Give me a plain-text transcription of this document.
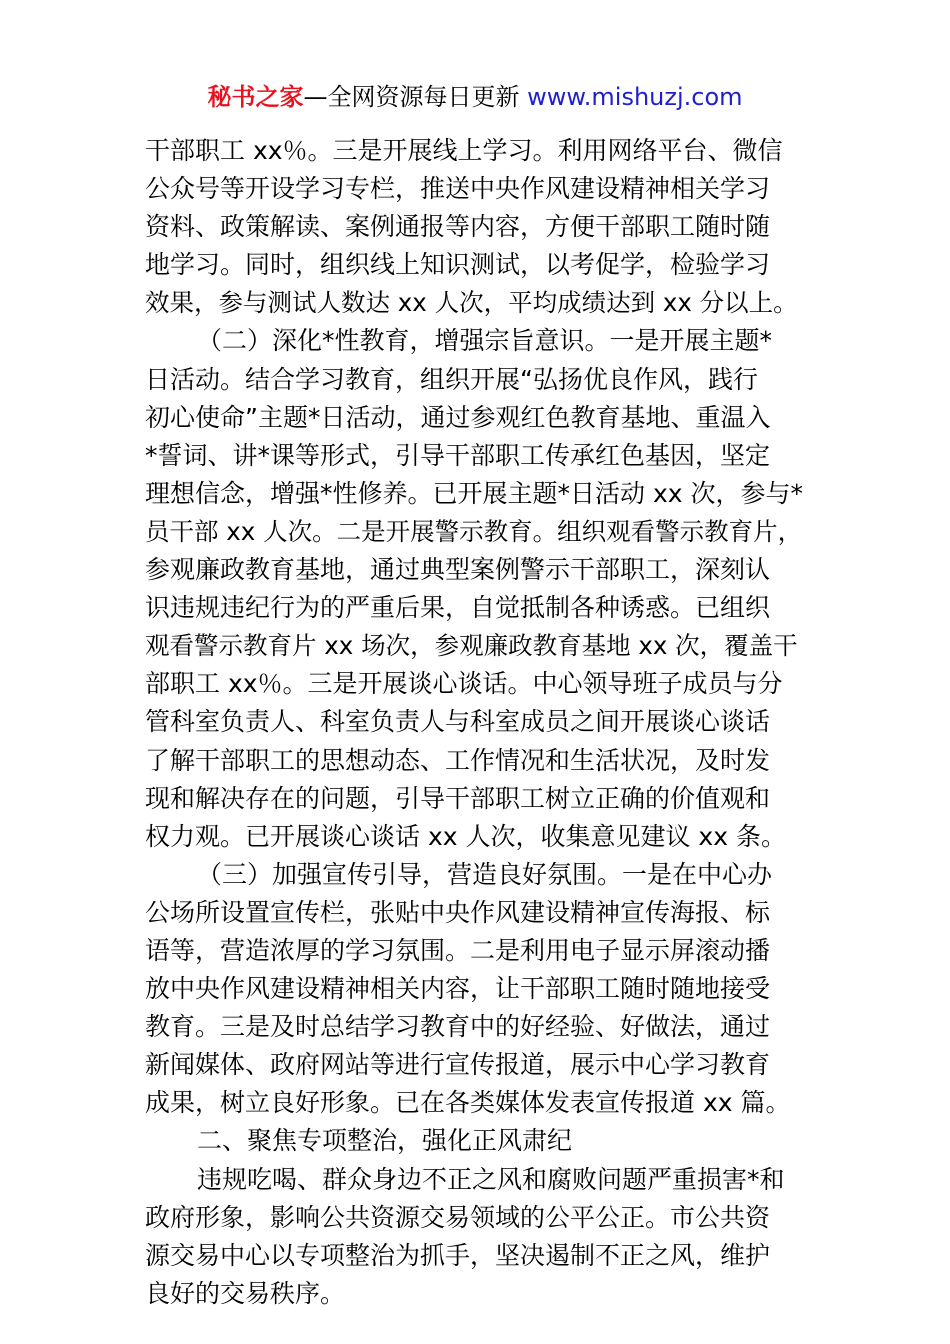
秘书之家—全网资源每日更新 www.mishuzj.com
干部职工 xx％。三是开展线上学习。利用网络平台、微信
公众号等开设学习专栏，推送中央作风建设精神相关学习
资料、政策解读、案例通报等内容，方便干部职工随时随
地学习。同时，组织线上知识测试，以考促学，检验学习
效果，参与测试人数达 xx 人次，平均成绩达到 xx 分以上。
（二）深化*性教育，增强宗旨意识。一是开展主题*
日活动。结合学习教育，组织开展“弘扬优良作风，践行
初心使命”主题*日活动，通过参观红色教育基地、重温入
*誓词、讲*课等形式，引导干部职工传承红色基因，坚定
理想信念，增强*性修养。已开展主题*日活动 xx 次，参与*
员干部 xx 人次。二是开展警示教育。组织观看警示教育片，
参观廉政教育基地，通过典型案例警示干部职工，深刻认
识违规违纪行为的严重后果，自觉抵制各种诱惑。已组织
观看警示教育片 xx 场次，参观廉政教育基地 xx 次，覆盖干
部职工 xx％。三是开展谈心谈话。中心领导班子成员与分
管科室负责人、科室负责人与科室成员之间开展谈心谈话
了解干部职工的思想动态、工作情况和生活状况，及时发
现和解决存在的问题，引导干部职工树立正确的价值观和
权力观。已开展谈心谈话 xx 人次，收集意见建议 xx 条。
（三）加强宣传引导，营造良好氛围。一是在中心办
公场所设置宣传栏，张贴中央作风建设精神宣传海报、标
语等，营造浓厚的学习氛围。二是利用电子显示屏滚动播
放中央作风建设精神相关内容，让干部职工随时随地接受
教育。三是及时总结学习教育中的好经验、好做法，通过
新闻媒体、政府网站等进行宣传报道，展示中心学习教育
成果，树立良好形象。已在各类媒体发表宣传报道 xx 篇。
二、聚焦专项整治，强化正风肃纪
违规吃喝、群众身边不正之风和腐败问题严重损害*和
政府形象，影响公共资源交易领域的公平公正。市公共资
源交易中心以专项整治为抓手，坚决遏制不正之风，维护
良好的交易秩序。
